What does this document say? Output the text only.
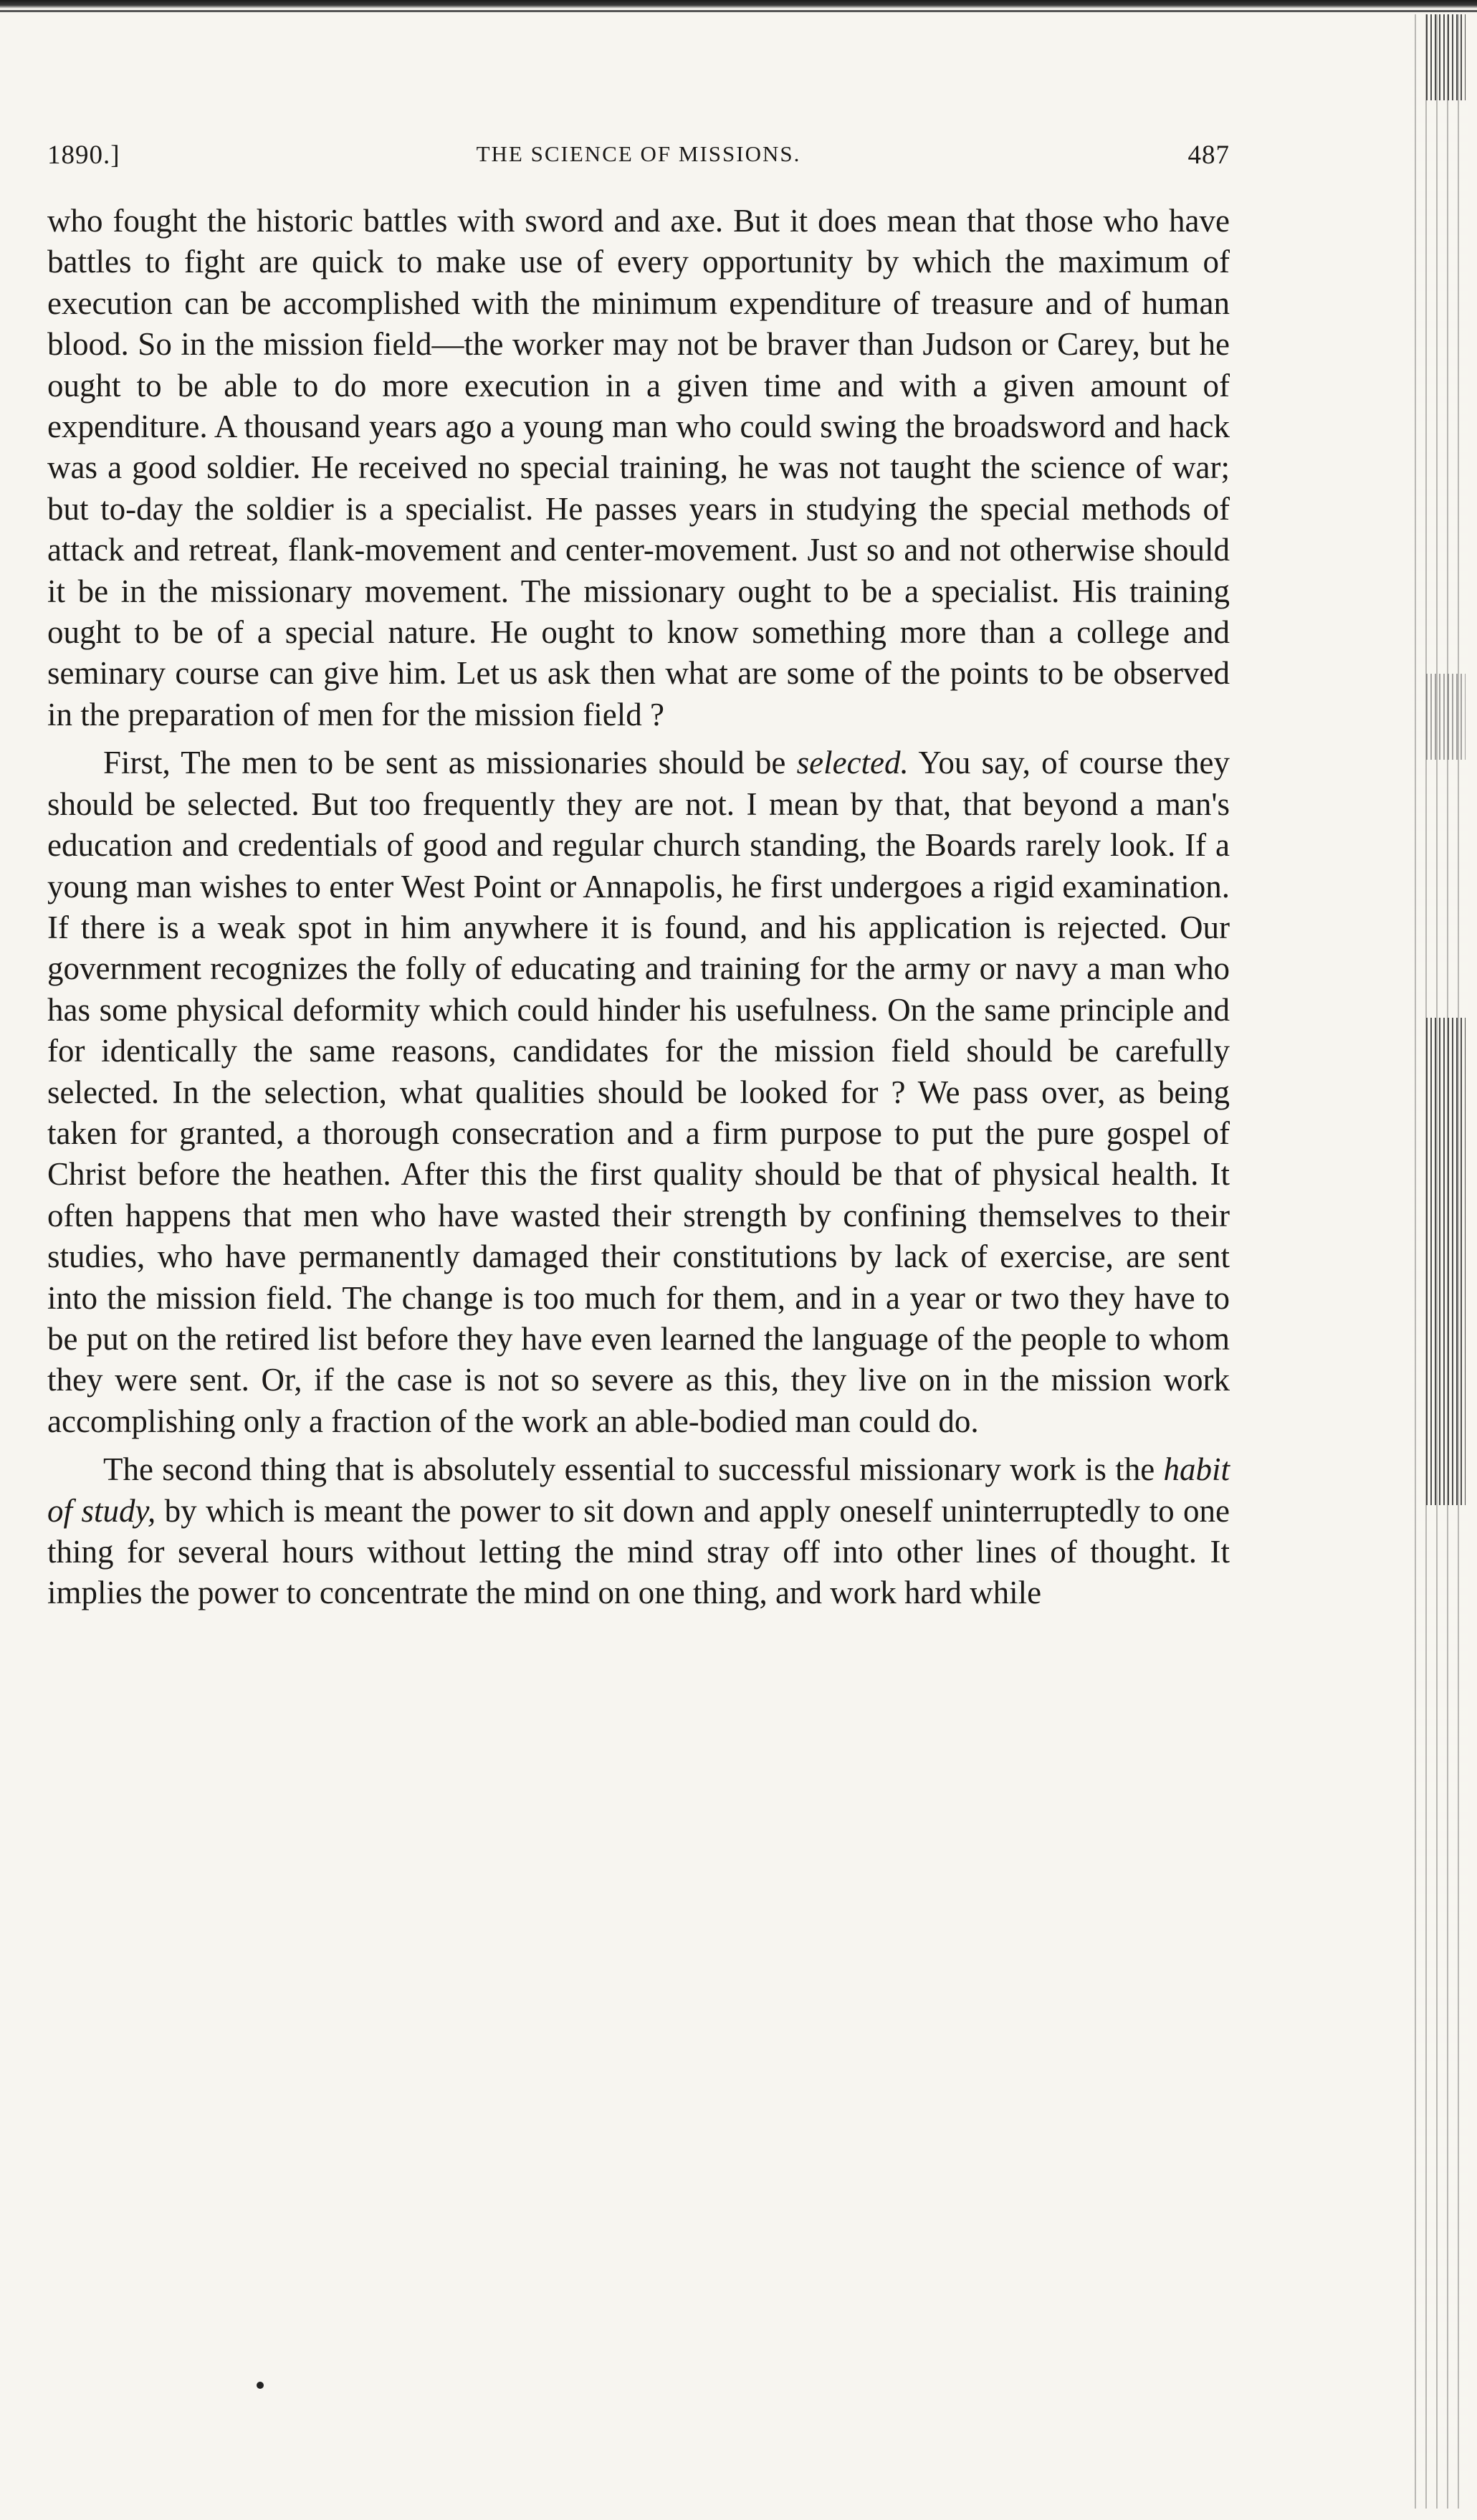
1890.]	THE SCIENCE OF MISSIONS.	487

who fought the historic battles with sword and axe. But it does mean that those who have battles to fight are quick to make use of every opportunity by which the maximum of execution can be accomplished with the minimum expenditure of treasure and of human blood. So in the mission field—the worker may not be braver than Judson or Carey, but he ought to be able to do more execution in a given time and with a given amount of expenditure. A thousand years ago a young man who could swing the broadsword and hack was a good soldier. He received no special training, he was not taught the science of war; but to-day the soldier is a specialist. He passes years in studying the special methods of attack and retreat, flank-movement and center-movement. Just so and not otherwise should it be in the missionary movement. The missionary ought to be a specialist. His training ought to be of a special nature. He ought to know something more than a college and seminary course can give him. Let us ask then what are some of the points to be observed in the preparation of men for the mission field ?

First, The men to be sent as missionaries should be selected. You say, of course they should be selected. But too frequently they are not. I mean by that, that beyond a man's education and credentials of good and regular church standing, the Boards rarely look. If a young man wishes to enter West Point or Annapolis, he first undergoes a rigid examination. If there is a weak spot in him anywhere it is found, and his application is rejected. Our government recognizes the folly of educating and training for the army or navy a man who has some physical deformity which could hinder his usefulness. On the same principle and for identically the same reasons, candidates for the mission field should be carefully selected. In the selection, what qualities should be looked for ? We pass over, as being taken for granted, a thorough consecration and a firm purpose to put the pure gospel of Christ before the heathen. After this the first quality should be that of physical health. It often happens that men who have wasted their strength by confining themselves to their studies, who have permanently damaged their constitutions by lack of exercise, are sent into the mission field. The change is too much for them, and in a year or two they have to be put on the retired list before they have even learned the language of the people to whom they were sent. Or, if the case is not so severe as this, they live on in the mission work accomplishing only a fraction of the work an able-bodied man could do.

The second thing that is absolutely essential to successful missionary work is the habit of study, by which is meant the power to sit down and apply oneself uninterruptedly to one thing for several hours without letting the mind stray off into other lines of thought. It implies the power to concentrate the mind on one thing, and work hard while
